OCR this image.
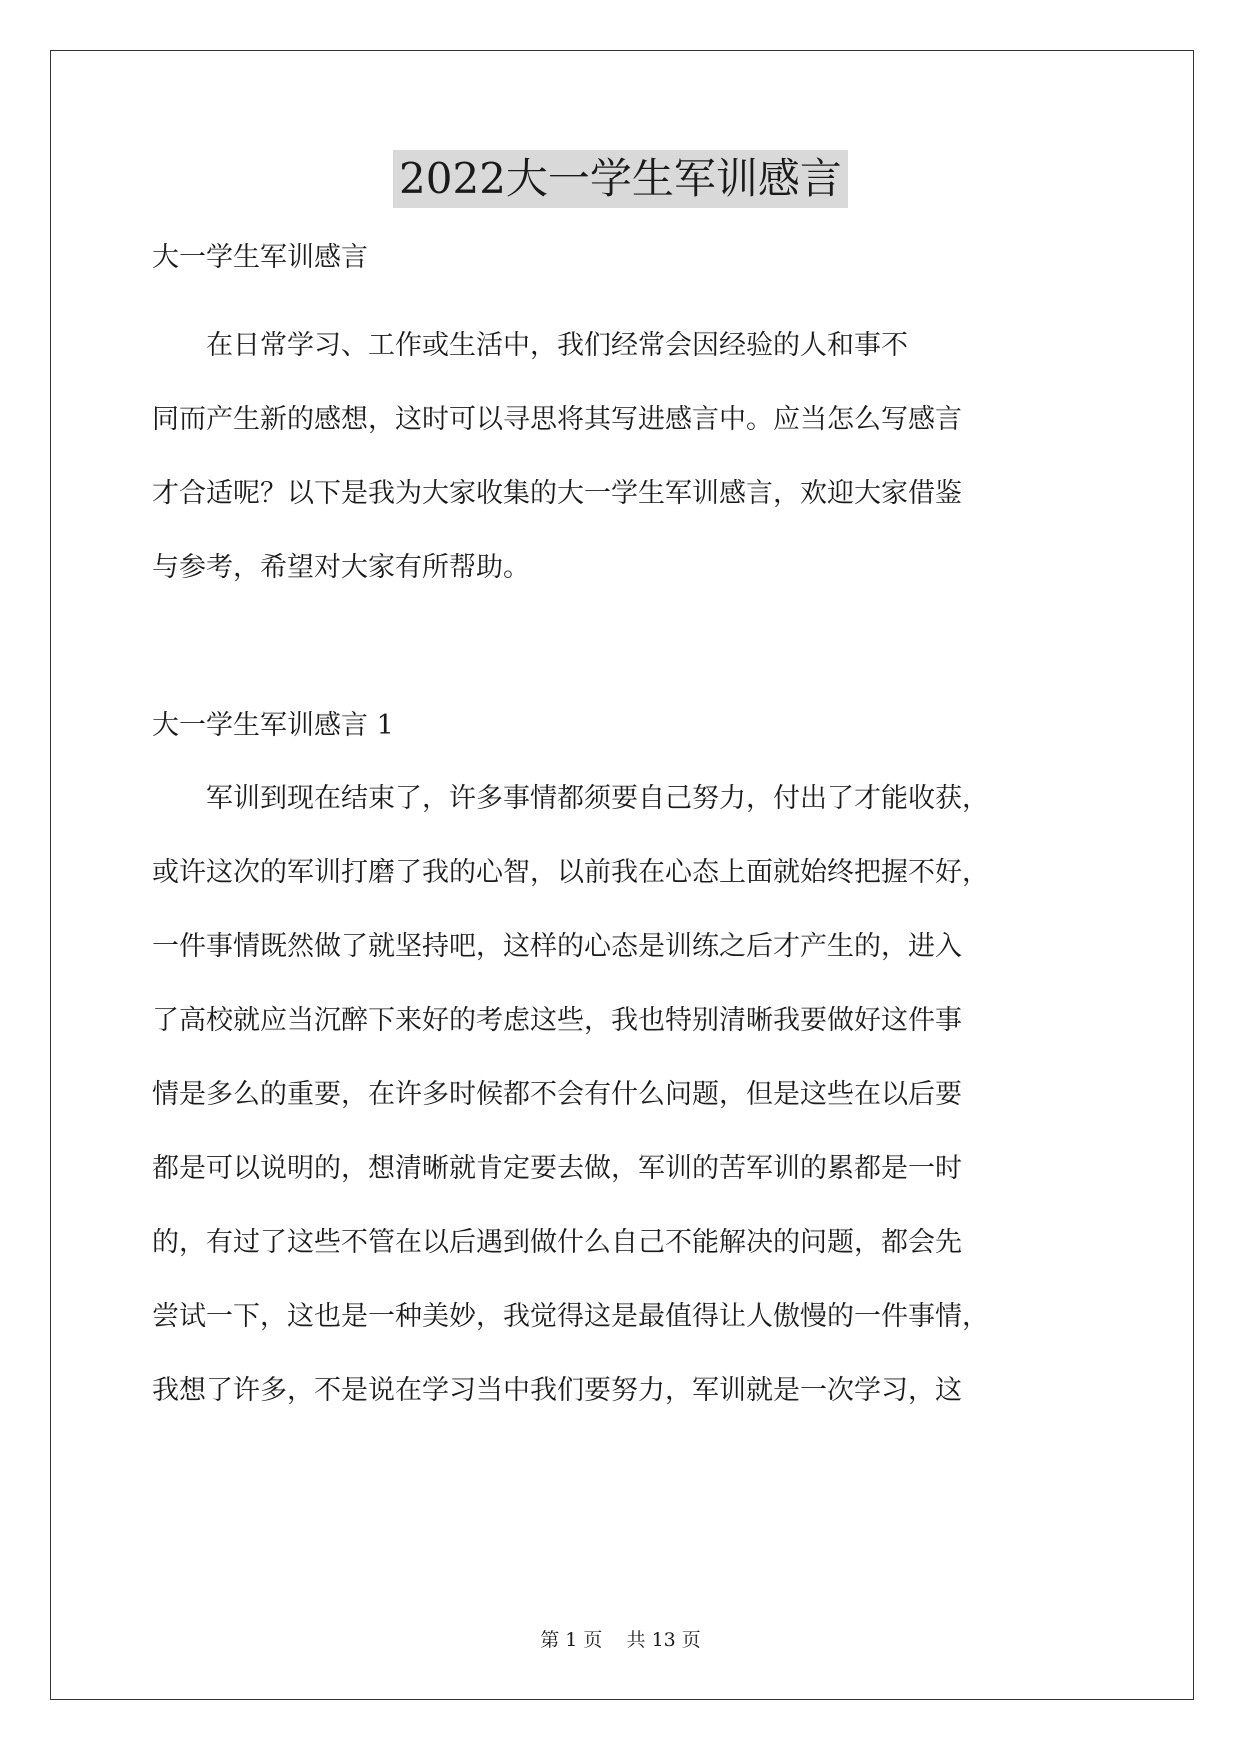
2022大一学生军训感言

大一学生军训感言

　　在日常学习、工作或生活中，我们经常会因经验的人和事不

同而产生新的感想，这时可以寻思将其写进感言中。应当怎么写感言

才合适呢？以下是我为大家收集的大一学生军训感言，欢迎大家借鉴

与参考，希望对大家有所帮助。

大一学生军训感言 1

　　军训到现在结束了，许多事情都须要自己努力，付出了才能收获，

或许这次的军训打磨了我的心智，以前我在心态上面就始终把握不好，

一件事情既然做了就坚持吧，这样的心态是训练之后才产生的，进入

了高校就应当沉醉下来好的考虑这些，我也特别清晰我要做好这件事

情是多么的重要，在许多时候都不会有什么问题，但是这些在以后要

都是可以说明的，想清晰就肯定要去做，军训的苦军训的累都是一时

的，有过了这些不管在以后遇到做什么自己不能解决的问题，都会先

尝试一下，这也是一种美妙，我觉得这是最值得让人傲慢的一件事情，

我想了许多，不是说在学习当中我们要努力，军训就是一次学习，这

第 1 页 共 13 页
